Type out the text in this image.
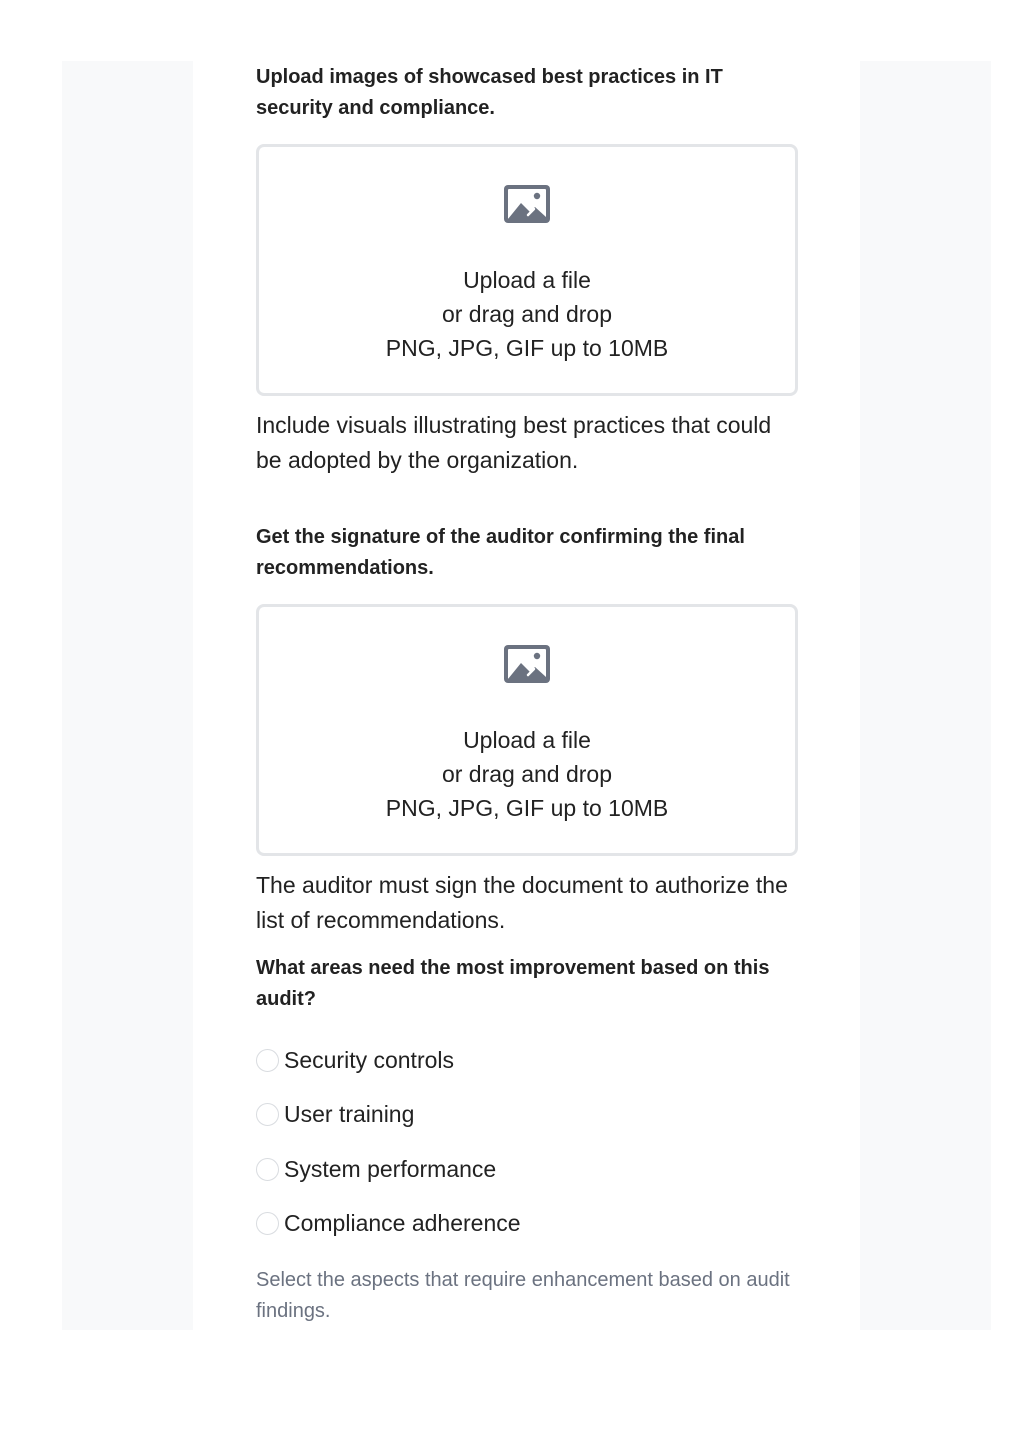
Upload images of showcased best practices in IT security and compliance.

Upload a file
or drag and drop
PNG, JPG, GIF up to 10MB

Include visuals illustrating best practices that could be adopted by the organization.

Get the signature of the auditor confirming the final recommendations.

Upload a file
or drag and drop
PNG, JPG, GIF up to 10MB

The auditor must sign the document to authorize the list of recommendations.

What areas need the most improvement based on this audit?

Security controls
User training
System performance
Compliance adherence

Select the aspects that require enhancement based on audit findings.
